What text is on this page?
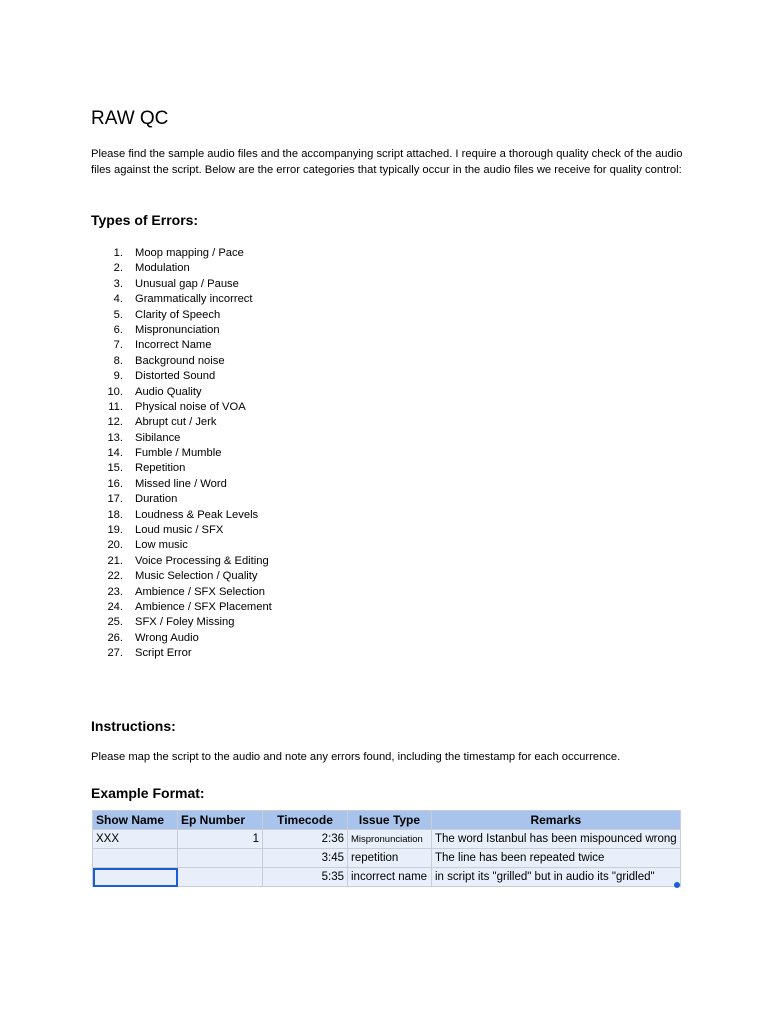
RAW QC

Please find the sample audio files and the accompanying script attached. I require a thorough quality check of the audio files against the script. Below are the error categories that typically occur in the audio files we receive for quality control:

Types of Errors:
1. Moop mapping / Pace
2. Modulation
3. Unusual gap / Pause
4. Grammatically incorrect
5. Clarity of Speech
6. Mispronunciation
7. Incorrect Name
8. Background noise
9. Distorted Sound
10. Audio Quality
11. Physical noise of VOA
12. Abrupt cut / Jerk
13. Sibilance
14. Fumble / Mumble
15. Repetition
16. Missed line / Word
17. Duration
18. Loudness & Peak Levels
19. Loud music / SFX
20. Low music
21. Voice Processing & Editing
22. Music Selection / Quality
23. Ambience / SFX Selection
24. Ambience / SFX Placement
25. SFX / Foley Missing
26. Wrong Audio
27. Script Error
Instructions:

Please map the script to the audio and note any errors found, including the timestamp for each occurrence.

Example Format:
Show Name	Ep Number	Timecode	Issue Type	Remarks
XXX	1	2:36	Mispronunciation	The word Istanbul has been mispounced wrong
		3:45	repetition	The line has been repeated twice
		5:35	incorrect name	in script its "grilled" but in audio its "gridled"
